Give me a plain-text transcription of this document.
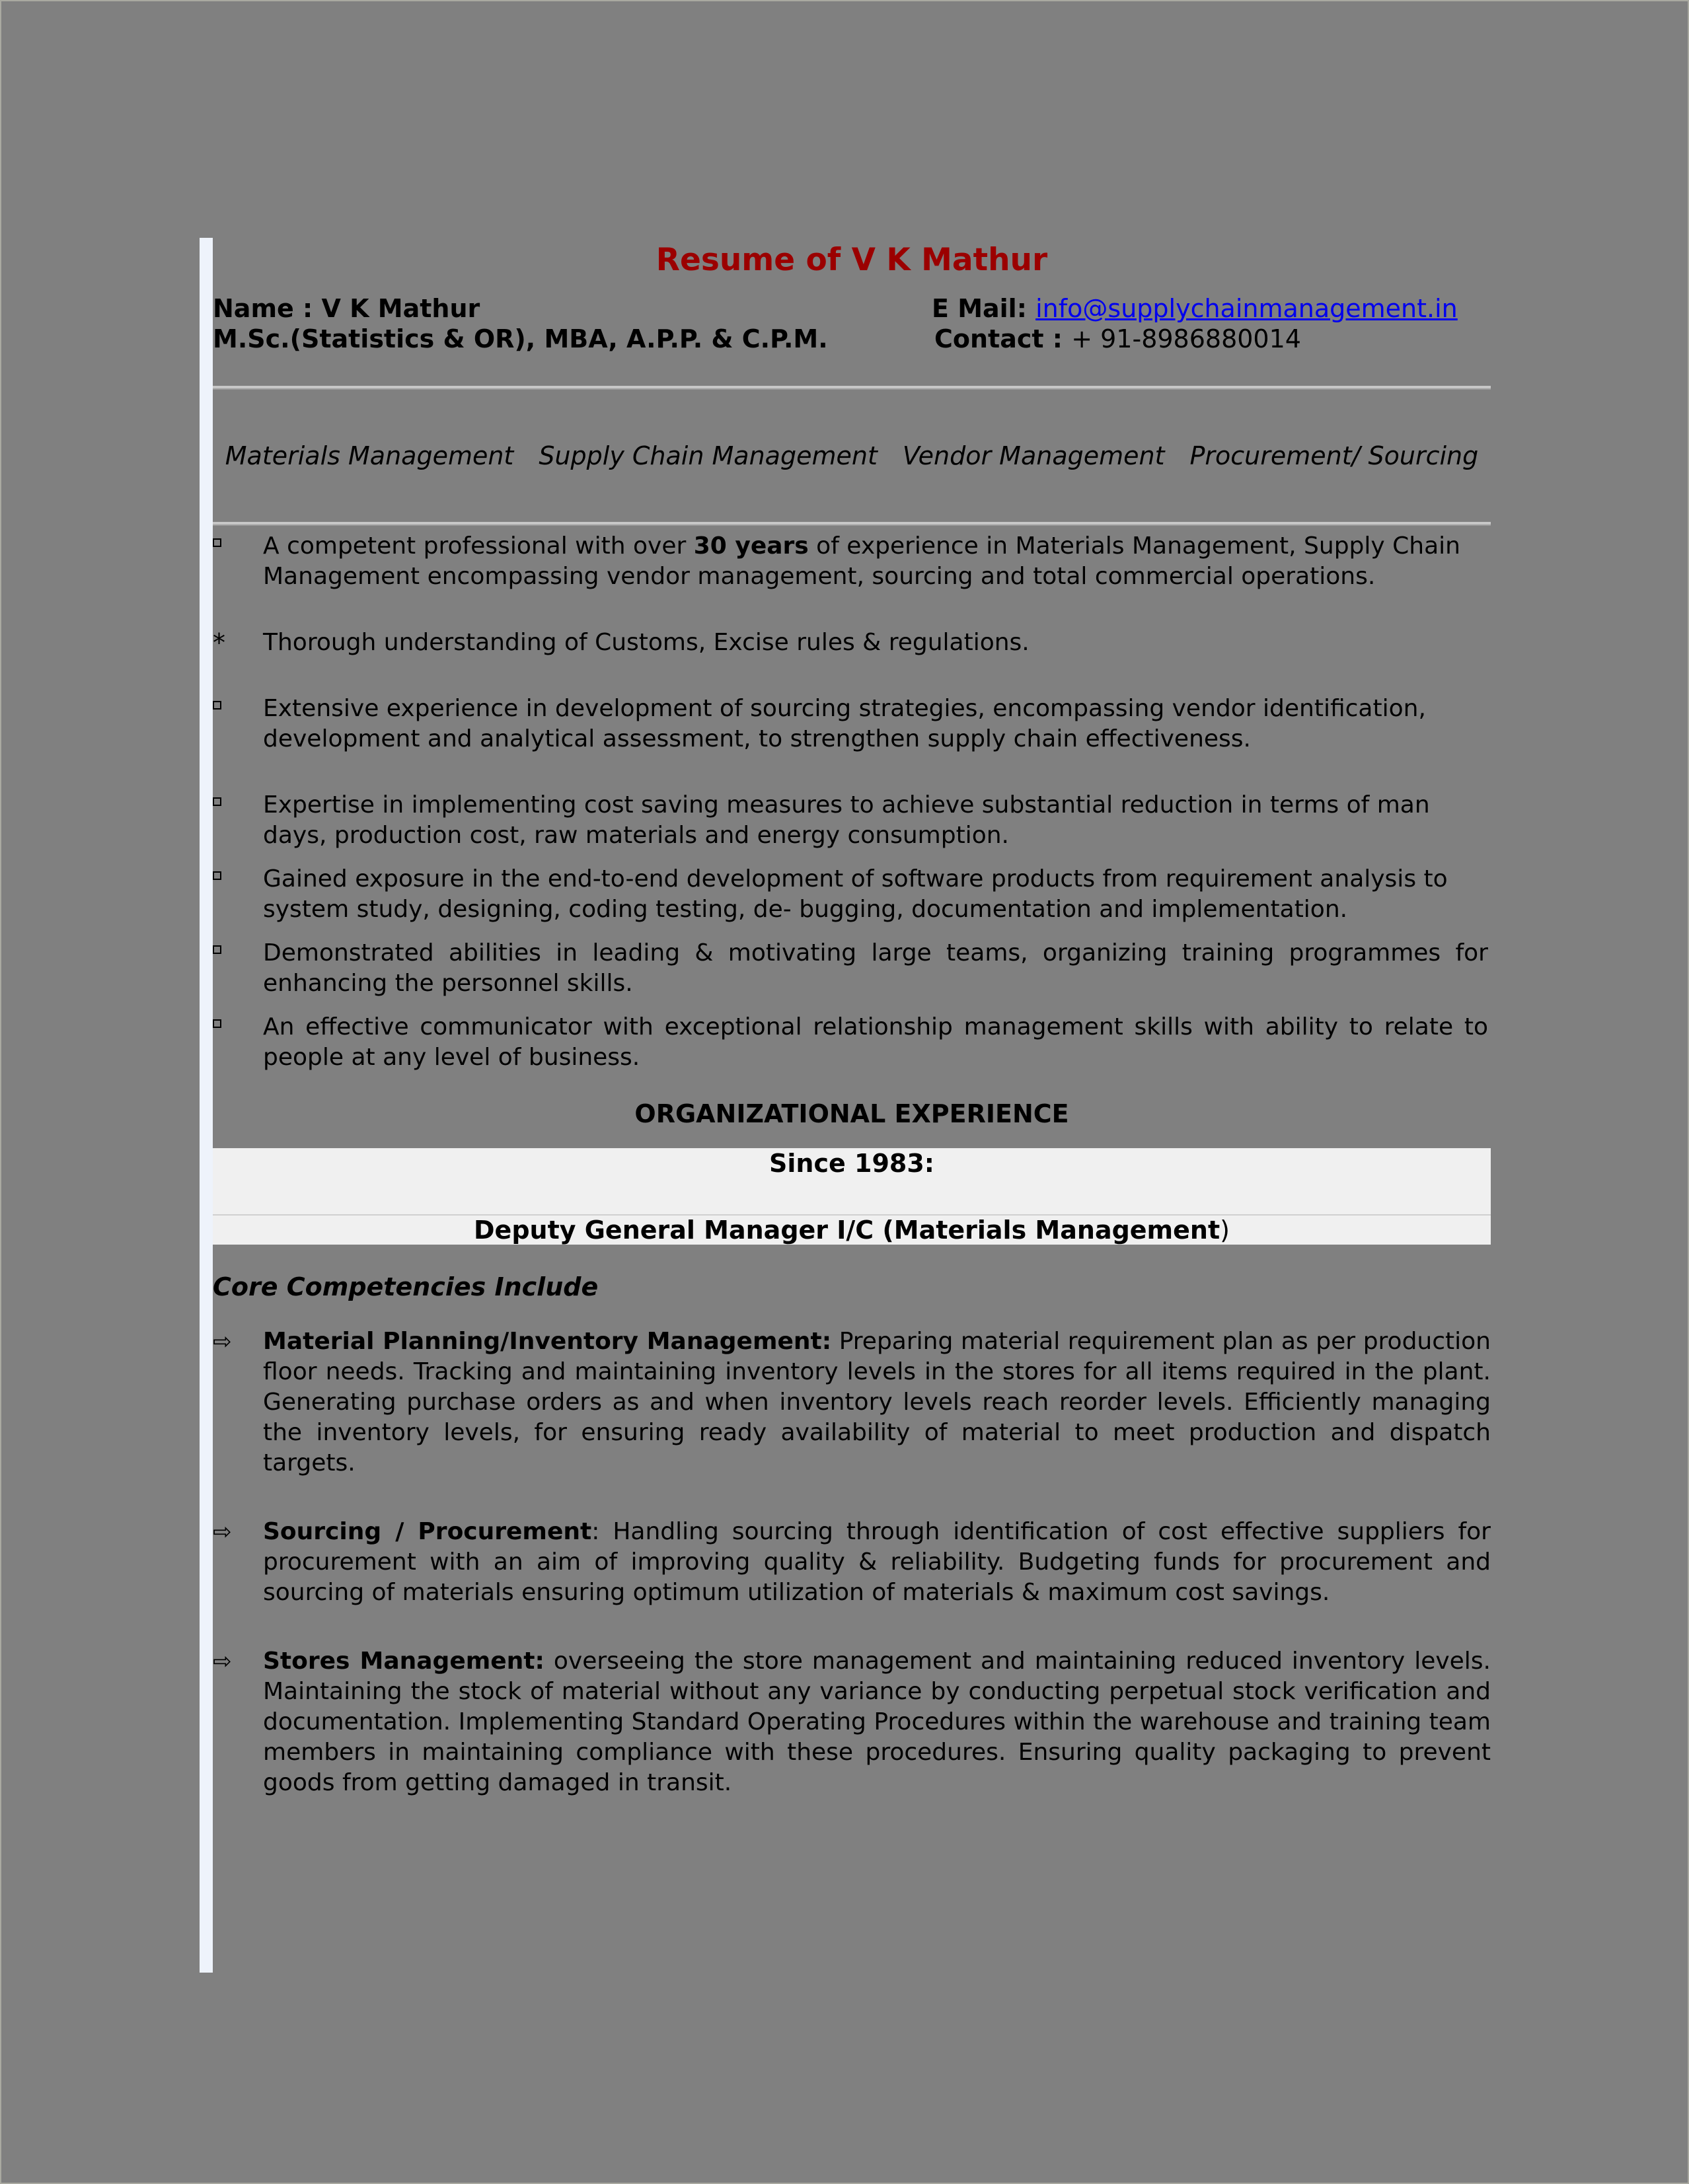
Resume of V K Mathur
Name : V K Mathur
M.Sc.(Statistics & OR), MBA, A.P.P. & C.P.M.
E Mail: info@supplychainmanagement.in
Contact : + 91-8986880014
Materials Management Supply Chain Management Vendor Management Procurement/ Sourcing
A competent professional with over 30 years of experience in Materials Management, Supply Chain Management encompassing vendor management, sourcing and total commercial operations.
*	Thorough understanding of Customs, Excise rules & regulations.
Extensive experience in development of sourcing strategies, encompassing vendor identification, development and analytical assessment, to strengthen supply chain effectiveness.
Expertise in implementing cost saving measures to achieve substantial reduction in terms of man days, production cost, raw materials and energy consumption.
Gained exposure in the end-to-end development of software products from requirement analysis to system study, designing, coding testing, de- bugging, documentation and implementation.
Demonstrated abilities in leading & motivating large teams, organizing training programmes for enhancing the personnel skills.
An effective communicator with exceptional relationship management skills with ability to relate to people at any level of business.
ORGANIZATIONAL EXPERIENCE
Since 1983:
Deputy General Manager I/C (Materials Management)
Core Competencies Include
⇨	Material Planning/Inventory Management: Preparing material requirement plan as per production floor needs. Tracking and maintaining inventory levels in the stores for all items required in the plant. Generating purchase orders as and when inventory levels reach reorder levels. Efficiently managing the inventory levels, for ensuring ready availability of material to meet production and dispatch targets.
⇨	Sourcing / Procurement: Handling sourcing through identification of cost effective suppliers for procurement with an aim of improving quality & reliability. Budgeting funds for procurement and sourcing of materials ensuring optimum utilization of materials & maximum cost savings.
⇨	Stores Management: overseeing the store management and maintaining reduced inventory levels. Maintaining the stock of material without any variance by conducting perpetual stock verification and documentation. Implementing Standard Operating Procedures within the warehouse and training team members in maintaining compliance with these procedures. Ensuring quality packaging to prevent goods from getting damaged in transit.
